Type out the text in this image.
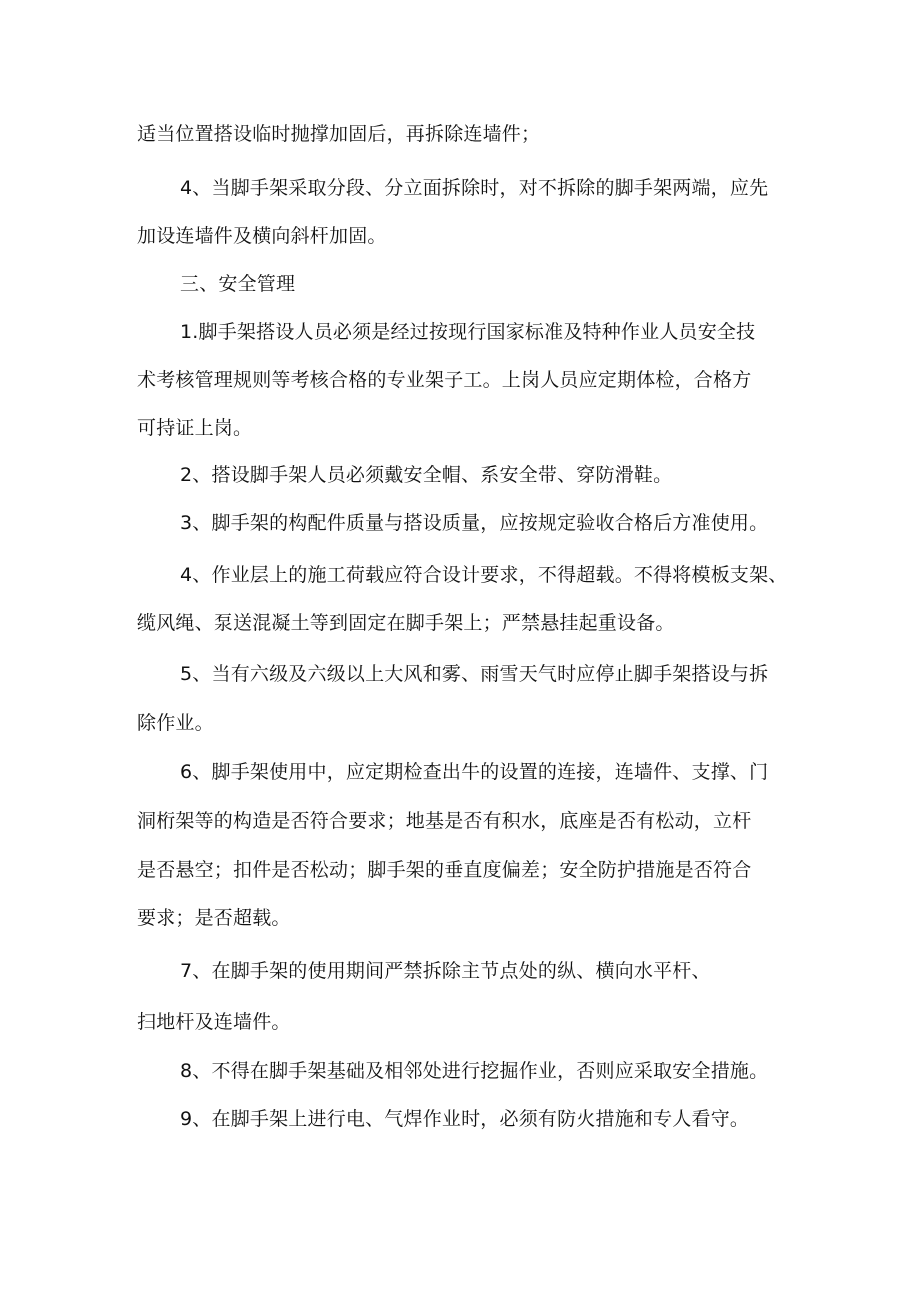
适当位置搭设临时抛撑加固后，再拆除连墙件；
4、当脚手架采取分段、分立面拆除时，对不拆除的脚手架两端，应先
加设连墙件及横向斜杆加固。
三、安全管理
1.脚手架搭设人员必须是经过按现行国家标准及特种作业人员安全技
术考核管理规则等考核合格的专业架子工。上岗人员应定期体检，合格方
可持证上岗。
2、搭设脚手架人员必须戴安全帽、系安全带、穿防滑鞋。
3、脚手架的构配件质量与搭设质量，应按规定验收合格后方准使用。
4、作业层上的施工荷载应符合设计要求，不得超载。不得将模板支架、
缆风绳、泵送混凝土等到固定在脚手架上；严禁悬挂起重设备。
5、当有六级及六级以上大风和雾、雨雪天气时应停止脚手架搭设与拆
除作业。
6、脚手架使用中，应定期检查出牛的设置的连接，连墙件、支撑、门
洞桁架等的构造是否符合要求；地基是否有积水，底座是否有松动，立杆
是否悬空；扣件是否松动；脚手架的垂直度偏差；安全防护措施是否符合
要求；是否超载。
7、在脚手架的使用期间严禁拆除主节点处的纵、横向水平杆、
扫地杆及连墙件。
8、不得在脚手架基础及相邻处进行挖掘作业，否则应采取安全措施。
9、在脚手架上进行电、气焊作业时，必须有防火措施和专人看守。
